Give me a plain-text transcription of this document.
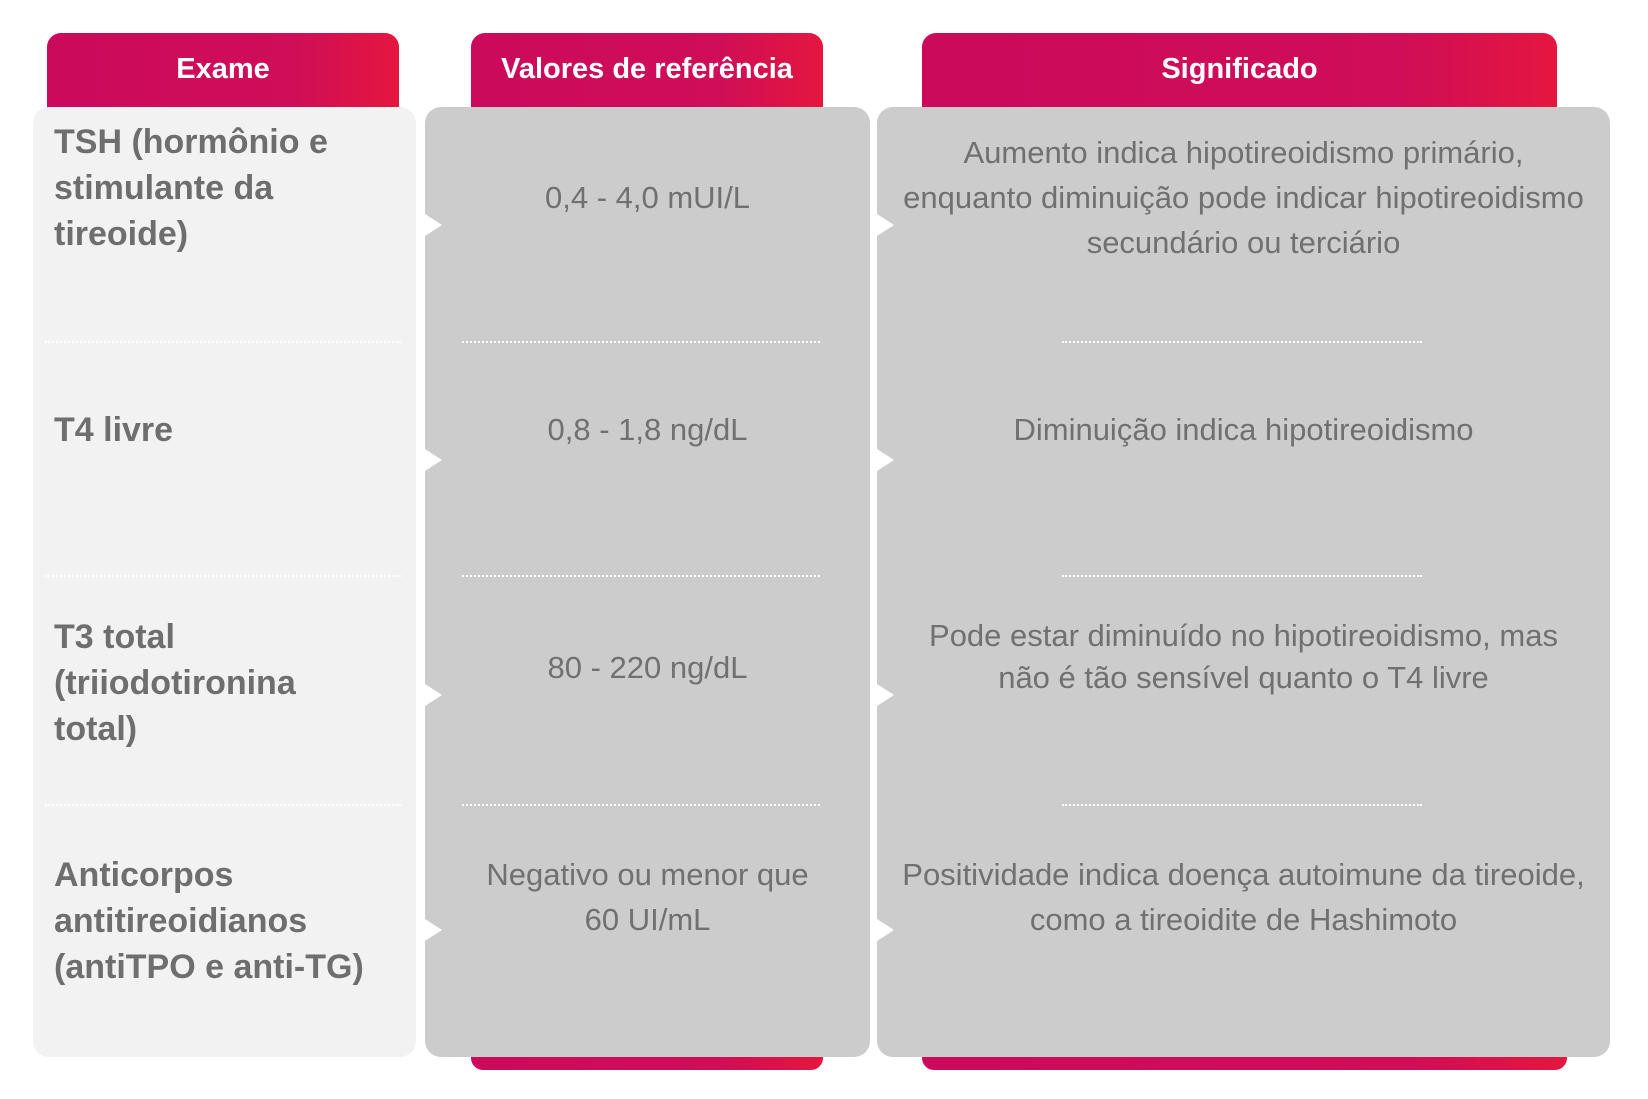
Exame	Valores de referência	Significado
TSH (hormônio e stimulante da tireoide)
T4 livre
T3 total (triiodotironina total)
Anticorpos antitireoidianos (antiTPO e anti-TG)
0,4 - 4,0 mUI/L
0,8 - 1,8 ng/dL
80 - 220 ng/dL
Negativo ou menor que 60 UI/mL
Aumento indica hipotireoidismo primário, enquanto diminuição pode indicar hipotireoidismo secundário ou terciário
Diminuição indica hipotireoidismo
Pode estar diminuído no hipotireoidismo, mas não é tão sensível quanto o T4 livre
Positividade indica doença autoimune da tireoide, como a tireoidite de Hashimoto
